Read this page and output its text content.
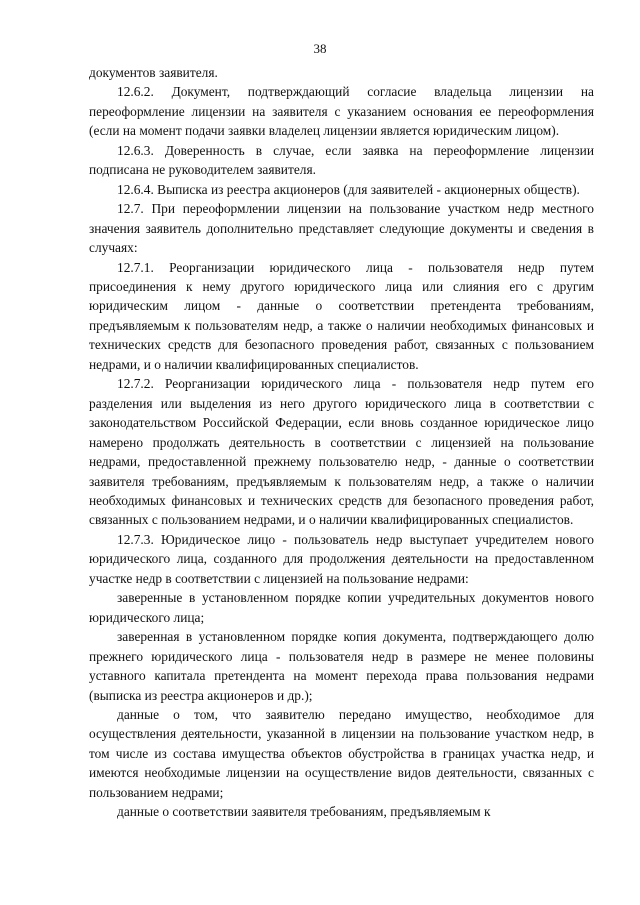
38

документов заявителя.

12.6.2. Документ, подтверждающий согласие владельца лицензии на переоформление лицензии на заявителя с указанием основания ее переоформления (если на момент подачи заявки владелец лицензии является юридическим лицом).

12.6.3. Доверенность в случае, если заявка на переоформление лицензии подписана не руководителем заявителя.

12.6.4. Выписка из реестра акционеров (для заявителей - акционерных обществ).

12.7. При переоформлении лицензии на пользование участком недр местного значения заявитель дополнительно представляет следующие документы и сведения в случаях:

12.7.1. Реорганизации юридического лица - пользователя недр путем присоединения к нему другого юридического лица или слияния его с другим юридическим лицом - данные о соответствии претендента требованиям, предъявляемым к пользователям недр, а также о наличии необходимых финансовых и технических средств для безопасного проведения работ, связанных с пользованием недрами, и о наличии квалифицированных специалистов.

12.7.2. Реорганизации юридического лица - пользователя недр путем его разделения или выделения из него другого юридического лица в соответствии с законодательством Российской Федерации, если вновь созданное юридическое лицо намерено продолжать деятельность в соответствии с лицензией на пользование недрами, предоставленной прежнему пользователю недр, - данные о соответствии заявителя требованиям, предъявляемым к пользователям недр, а также о наличии необходимых финансовых и технических средств для безопасного проведения работ, связанных с пользованием недрами, и о наличии квалифицированных специалистов.

12.7.3. Юридическое лицо - пользователь недр выступает учредителем нового юридического лица, созданного для продолжения деятельности на предоставленном участке недр в соответствии с лицензией на пользование недрами:

заверенные в установленном порядке копии учредительных документов нового юридического лица;

заверенная в установленном порядке копия документа, подтверждающего долю прежнего юридического лица - пользователя недр в размере не менее половины уставного капитала претендента на момент перехода права пользования недрами (выписка из реестра акционеров и др.);

данные о том, что заявителю передано имущество, необходимое для осуществления деятельности, указанной в лицензии на пользование участком недр, в том числе из состава имущества объектов обустройства в границах участка недр, и имеются необходимые лицензии на осуществление видов деятельности, связанных с пользованием недрами;

данные о соответствии заявителя требованиям, предъявляемым к
